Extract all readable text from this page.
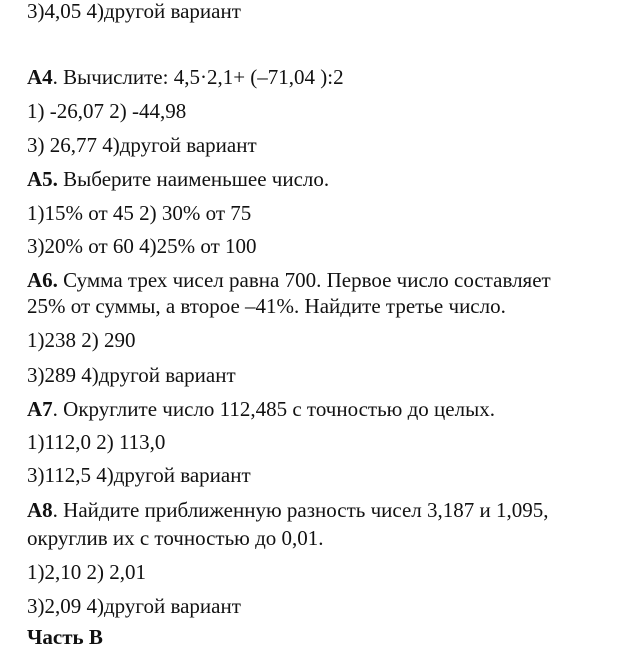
3)4,05 4)другой вариант
А4. Вычислите: 4,5·2,1+ (–71,04 ):2
1) -26,07 2) -44,98
3) 26,77 4)другой вариант
А5. Выберите наименьшее число.
1)15% от 45 2) 30% от 75
3)20% от 60 4)25% от 100
А6. Сумма трех чисел равна 700. Первое число составляет
25% от суммы, а второе –41%. Найдите третье число.
1)238 2) 290
3)289 4)другой вариант
А7. Округлите число 112,485 с точностью до целых.
1)112,0 2) 113,0
3)112,5 4)другой вариант
А8. Найдите приближенную разность чисел 3,187 и 1,095,
округлив их с точностью до 0,01.
1)2,10 2) 2,01
3)2,09 4)другой вариант
Часть В
